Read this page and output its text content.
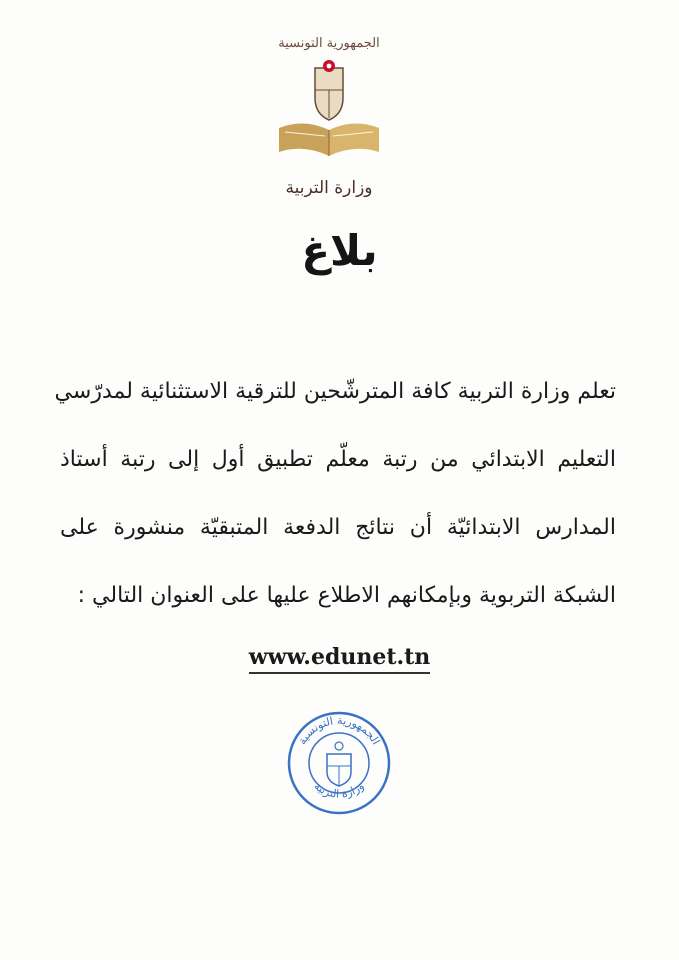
الجمهورية التونسية
وزارة التربية
بلاغ
تعلم وزارة التربية كافة المترشّحين للترقية الاستثنائية لمدرّسي
التعليم الابتدائي من رتبة معلّم تطبيق أول إلى رتبة أستاذ
المدارس الابتدائيّة أن نتائج الدفعة المتبقيّة منشورة على
الشبكة التربوية وبإمكانهم الاطلاع عليها على العنوان التالي :
www.edunet.tn
الجمهورية التونسية
وزارة التربية
